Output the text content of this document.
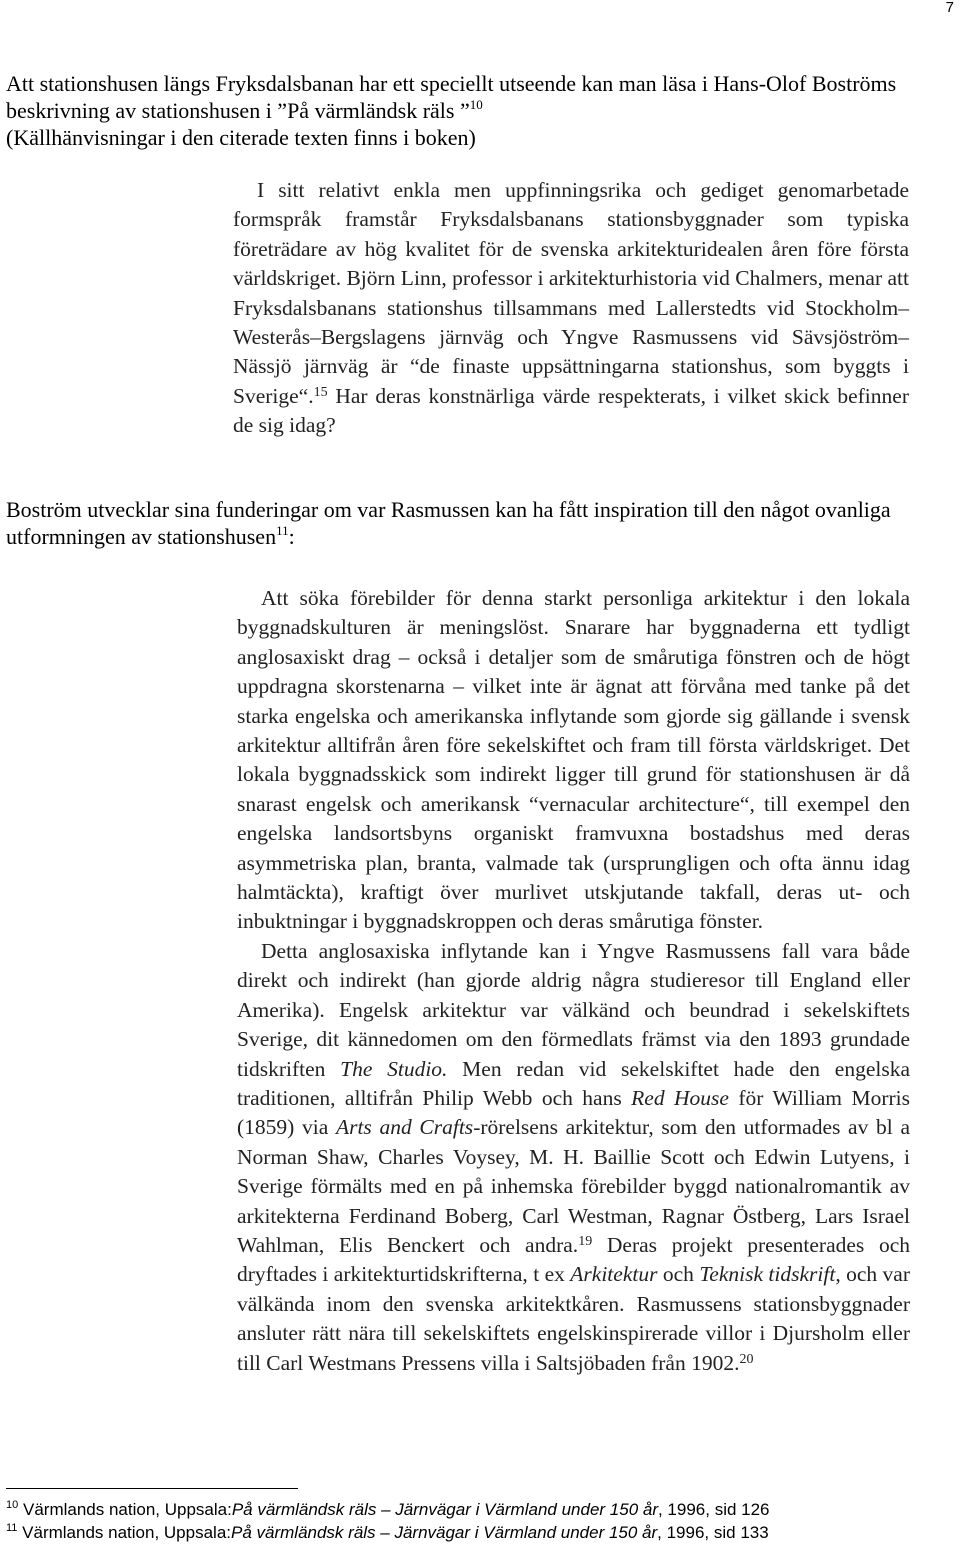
7
Att stationshusen längs Fryksdalsbanan har ett speciellt utseende kan man läsa i Hans-Olof Boströms beskrivning av stationshusen i ”På värmländsk räls ”$^{10}$
(Källhänvisningar i den citerade texten finns i boken)

I sitt relativt enkla men uppfinningsrika och gediget genomarbetade formspråk framstår Fryksdalsbanans stationsbyggnader som typiska företrädare av hög kvalitet för de svenska arkitekturidealen åren före första världskriget. Björn Linn, professor i arkitekturhistoria vid Chalmers, menar att Fryksdalsbanans stationshus tillsammans med Lallerstedts vid Stockholm–Westerås–Bergslagens järnväg och Yngve Rasmussens vid Sävsjöström–Nässjö järnväg är “de finaste uppsättningarna stationshus, som byggts i Sverige“.$^{15}$ Har deras konstnärliga värde respekterats, i vilket skick befinner de sig idag?

Boström utvecklar sina funderingar om var Rasmussen kan ha fått inspiration till den något ovanliga utformningen av stationshusen$^{11}$:

Att söka förebilder för denna starkt personliga arkitektur i den lokala byggnadskulturen är meningslöst. Snarare har byggnaderna ett tydligt anglosaxiskt drag – också i detaljer som de smårutiga fönstren och de högt uppdragna skorstenarna – vilket inte är ägnat att förvåna med tanke på det starka engelska och amerikanska inflytande som gjorde sig gällande i svensk arkitektur alltifrån åren före sekelskiftet och fram till första världskriget. Det lokala byggnadsskick som indirekt ligger till grund för stationshusen är då snarast engelsk och amerikansk “vernacular architecture“, till exempel den engelska landsortsbyns organiskt framvuxna bostadshus med deras asymmetriska plan, branta, valmade tak (ursprungligen och ofta ännu idag halmtäckta), kraftigt över murlivet utskjutande takfall, deras ut- och inbuktningar i byggnadskroppen och deras smårutiga fönster.

Detta anglosaxiska inflytande kan i Yngve Rasmussens fall vara både direkt och indirekt (han gjorde aldrig några studieresor till England eller Amerika). Engelsk arkitektur var välkänd och beundrad i sekelskiftets Sverige, dit kännedomen om den förmedlats främst via den 1893 grundade tidskriften The Studio. Men redan vid sekelskiftet hade den engelska traditionen, alltifrån Philip Webb och hans Red House för William Morris (1859) via Arts and Crafts-rörelsens arkitektur, som den utformades av bl a Norman Shaw, Charles Voysey, M. H. Baillie Scott och Edwin Lutyens, i Sverige förmälts med en på inhemska förebilder byggd nationalromantik av arkitekterna Ferdinand Boberg, Carl Westman, Ragnar Östberg, Lars Israel Wahlman, Elis Benckert och andra.$^{19}$ Deras projekt presenterades och dryftades i arkitekturtidskrifterna, t ex Arkitektur och Teknisk tidskrift, och var välkända inom den svenska arkitektkåren. Rasmussens stationsbyggnader ansluter rätt nära till sekelskiftets engelskinspirerade villor i Djursholm eller till Carl Westmans Pressens villa i Saltsjöbaden från 1902.20

$^{10}$ Värmlands nation, Uppsala:På värmländsk räls – Järnvägar i Värmland under 150 år, 1996, sid 126
$^{11}$ Värmlands nation, Uppsala:På värmländsk räls – Järnvägar i Värmland under 150 år, 1996, sid 133
